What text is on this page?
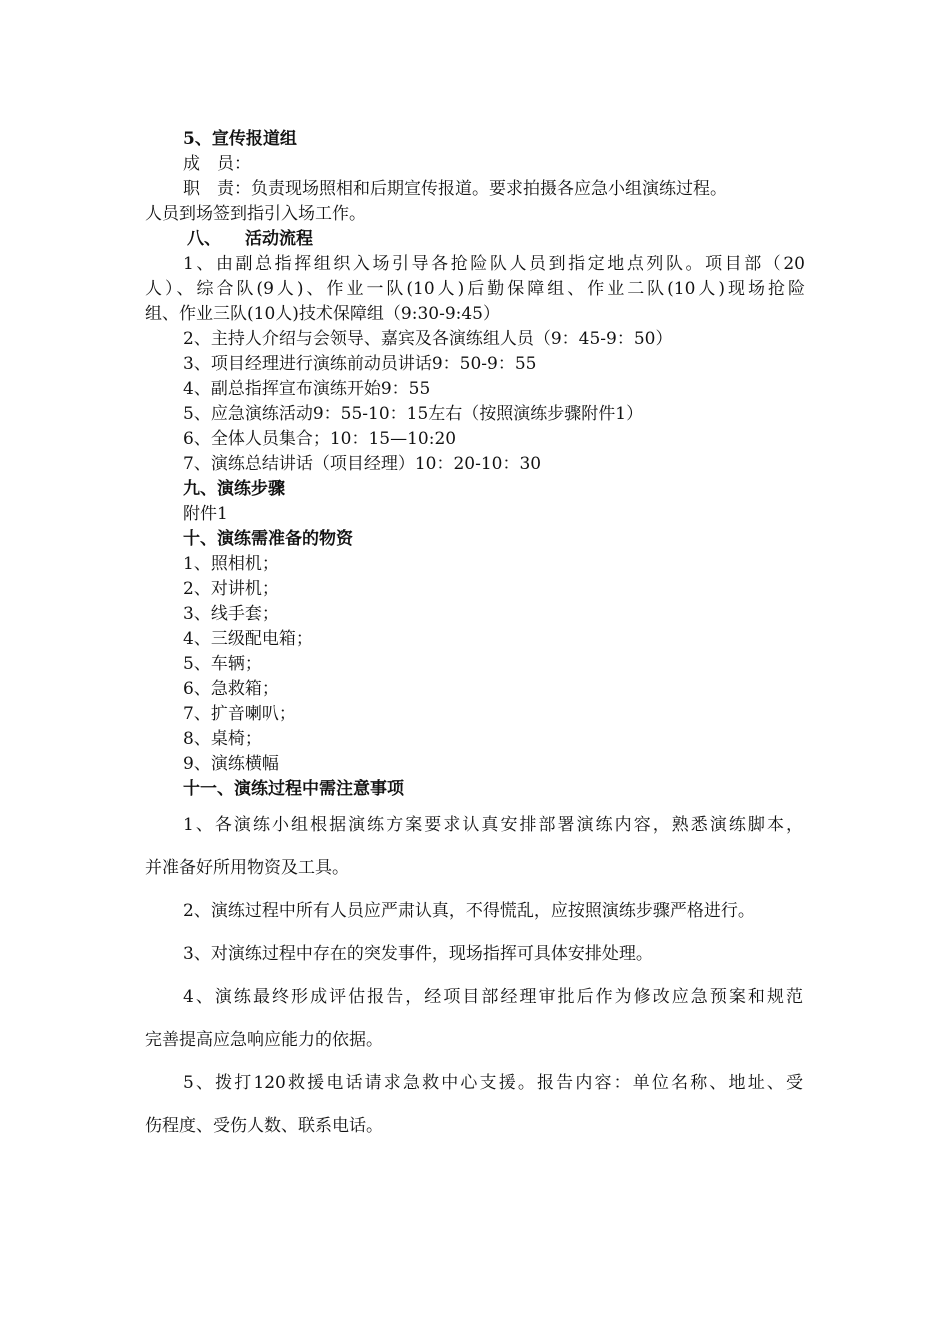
5、宣传报道组
成　员：
职　责：负责现场照相和后期宣传报道。要求拍摄各应急小组演练过程。
人员到场签到指引入场工作。
八、 活动流程
1、由副总指挥组织入场引导各抢险队人员到指定地点列队。项目部（20
人）、综合队(9人)、作业一队(10人)后勤保障组、作业二队(10人)现场抢险
组、作业三队(10人)技术保障组（9:30-9:45）
2、主持人介绍与会领导、嘉宾及各演练组人员（9：45-9：50）
3、项目经理进行演练前动员讲话9：50-9：55
4、副总指挥宣布演练开始9：55
5、应急演练活动9：55-10：15左右（按照演练步骤附件1）
6、全体人员集合；10：15—10:20
7、演练总结讲话（项目经理）10：20-10：30
九、演练步骤
附件1
十、演练需准备的物资
1、照相机；
2、对讲机；
3、线手套；
4、三级配电箱；
5、车辆；
6、急救箱；
7、扩音喇叭；
8、桌椅；
9、演练横幅
十一、演练过程中需注意事项
1、各演练小组根据演练方案要求认真安排部署演练内容，熟悉演练脚本，
并准备好所用物资及工具。
2、演练过程中所有人员应严肃认真，不得慌乱，应按照演练步骤严格进行。
3、对演练过程中存在的突发事件，现场指挥可具体安排处理。
4、演练最终形成评估报告，经项目部经理审批后作为修改应急预案和规范
完善提高应急响应能力的依据。
5、拨打120救援电话请求急救中心支援。报告内容：单位名称、地址、受
伤程度、受伤人数、联系电话。
